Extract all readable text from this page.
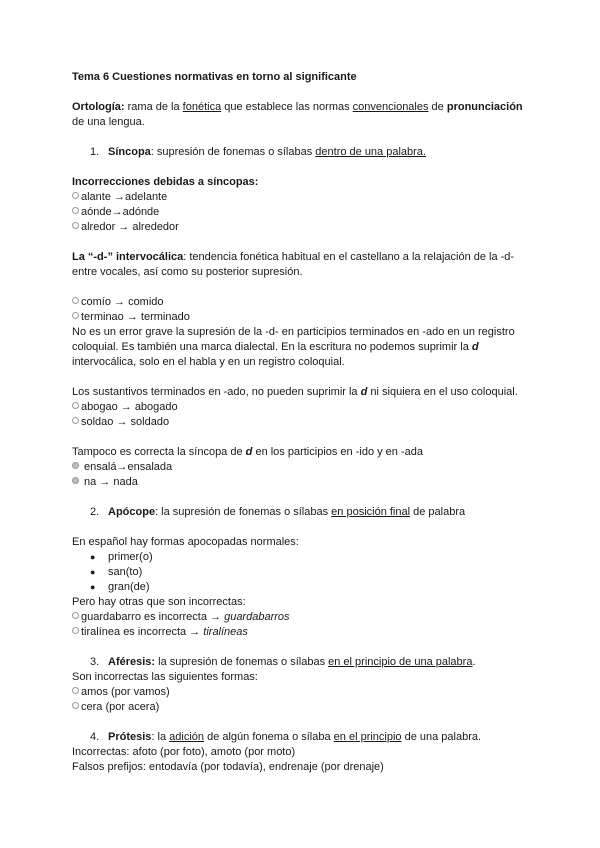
Tema 6 Cuestiones normativas en torno al significante

Ortología: rama de la fonética que establece las normas convencionales de pronunciación
de una lengua.

1. Síncopa: supresión de fonemas o sílabas dentro de una palabra.

Incorrecciones debidas a síncopas:

alante →adelante

aónde→adónde

alredor → alrededor

La “-d-” intervocálica: tendencia fonética habitual en el castellano a la relajación de la -d-
entre vocales, así como su posterior supresión.

comío → comido

terminao → terminado

No es un error grave la supresión de la -d- en participios terminados en -ado en un registro
coloquial. Es también una marca dialectal. En la escritura no podemos suprimir la d
intervocálica, solo en el habla y en un registro coloquial.

Los sustantivos terminados en -ado, no pueden suprimir la d ni siquiera en el uso coloquial.

abogao → abogado

soldao → soldado

Tampoco es correcta la síncopa de d en los participios en -ido y en -ada

ensalá→ensalada

na → nada

2. Apócope: la supresión de fonemas o sílabas en posición final de palabra

En español hay formas apocopadas normales:

●	primer(o)
●	san(to)
●	gran(de)

Pero hay otras que son incorrectas:

guardabarro es incorrecta → guardabarros

tiralínea es incorrecta → tiralíneas

3. Aféresis: la supresión de fonemas o sílabas en el principio de una palabra.

Son incorrectas las siguientes formas:

amos (por vamos)

cera (por acera)

4. Prótesis: la adición de algún fonema o sílaba en el principio de una palabra.

Incorrectas: afoto (por foto), amoto (por moto)

Falsos prefijos: entodavía (por todavía), endrenaje (por drenaje)
